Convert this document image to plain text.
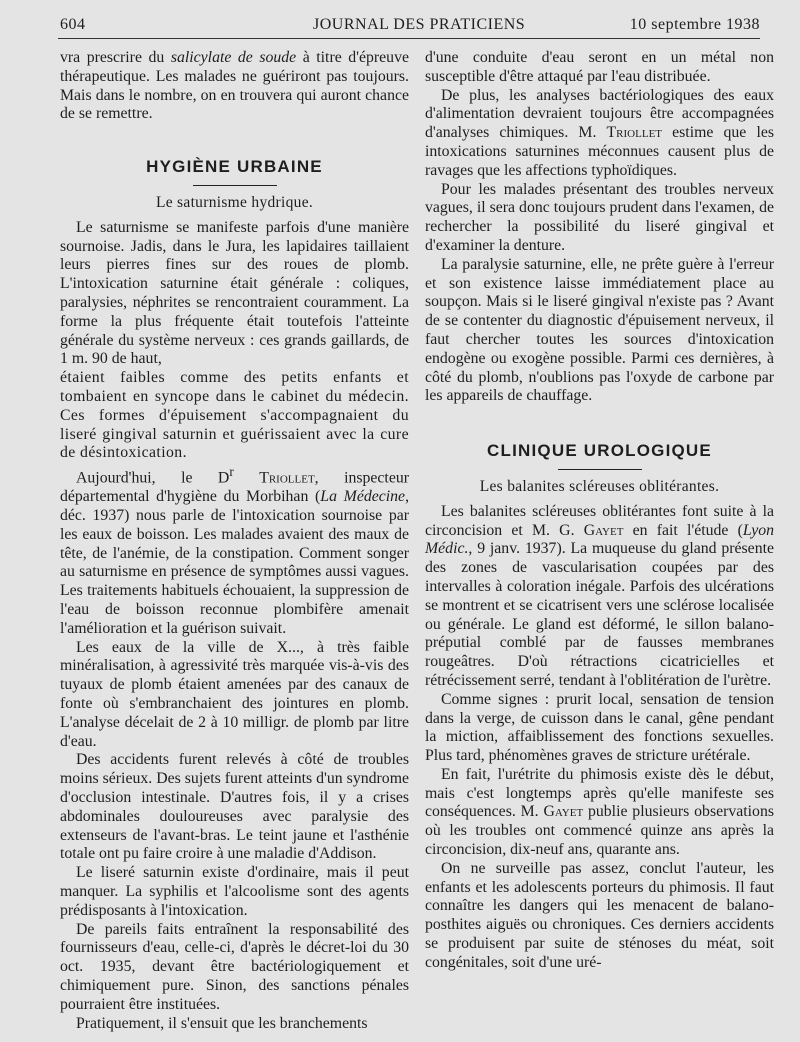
604	JOURNAL DES PRATICIENS	10 septembre 1938

vra prescrire du salicylate de soude à titre d'épreuve thérapeutique. Les malades ne guériront pas toujours. Mais dans le nombre, on en trouvera qui auront chance de se remettre.

HYGIÈNE URBAINE
Le saturnisme hydrique.

Le saturnisme se manifeste parfois d'une manière sournoise. Jadis, dans le Jura, les lapidaires taillaient leurs pierres fines sur des roues de plomb. L'intoxication saturnine était générale : coliques, paralysies, néphrites se rencontraient couramment. La forme la plus fréquente était toutefois l'atteinte générale du système nerveux : ces grands gaillards, de 1 m. 90 de haut,

étaient faibles comme des petits enfants et tombaient en syncope dans le cabinet du médecin. Ces formes d'épuisement s'accompagnaient du liseré gingival saturnin et guérissaient avec la cure de désintoxication.

Aujourd'hui, le $D^r$ Triollet, inspecteur départemental d'hygiène du Morbihan (La Médecine, déc. 1937) nous parle de l'intoxication sournoise par les eaux de boisson. Les malades avaient des maux de tête, de l'anémie, de la constipation. Comment songer au saturnisme en présence de symptômes aussi vagues. Les traitements habituels échouaient, la suppression de l'eau de boisson reconnue plombifère amenait l'amélioration et la guérison suivait.

Les eaux de la ville de X..., à très faible minéralisation, à agressivité très marquée vis-à-vis des tuyaux de plomb étaient amenées par des canaux de fonte où s'embranchaient des jointures en plomb. L'analyse décelait de 2 à 10 milligr. de plomb par litre d'eau.

Des accidents furent relevés à côté de troubles moins sérieux. Des sujets furent atteints d'un syndrome d'occlusion intestinale. D'autres fois, il y a crises abdominales douloureuses avec paralysie des extenseurs de l'avant-bras. Le teint jaune et l'asthénie totale ont pu faire croire à une maladie d'Addison.

Le liseré saturnin existe d'ordinaire, mais il peut manquer. La syphilis et l'alcoolisme sont des agents prédisposants à l'intoxication.

De pareils faits entraînent la responsabilité des fournisseurs d'eau, celle-ci, d'après le décret-loi du 30 oct. 1935, devant être bactériologiquement et chimiquement pure. Sinon, des sanctions pénales pourraient être instituées.

Pratiquement, il s'ensuit que les branchements

d'une conduite d'eau seront en un métal non susceptible d'être attaqué par l'eau distribuée.

De plus, les analyses bactériologiques des eaux d'alimentation devraient toujours être accompagnées d'analyses chimiques. M. Triollet estime que les intoxications saturnines méconnues causent plus de ravages que les affections typhoïdiques.

Pour les malades présentant des troubles nerveux vagues, il sera donc toujours prudent dans l'examen, de rechercher la possibilité du liseré gingival et d'examiner la denture.

La paralysie saturnine, elle, ne prête guère à l'erreur et son existence laisse immédiatement place au soupçon. Mais si le liseré gingival n'existe pas ? Avant de se contenter du diagnostic d'épuisement nerveux, il faut chercher toutes les sources d'intoxication endogène ou exogène possible. Parmi ces dernières, à côté du plomb, n'oublions pas l'oxyde de carbone par les appareils de chauffage.

CLINIQUE UROLOGIQUE
Les balanites scléreuses oblitérantes.

Les balanites scléreuses oblitérantes font suite à la circoncision et M. G. Gayet en fait l'étude (Lyon Médic., 9 janv. 1937). La muqueuse du gland présente des zones de vascularisation coupées par des intervalles à coloration inégale. Parfois des ulcérations se montrent et se cicatrisent vers une sclérose localisée ou générale. Le gland est déformé, le sillon balano-préputial comblé par de fausses membranes rougeâtres. D'où rétractions cicatricielles et rétrécissement serré, tendant à l'oblitération de l'urètre.

Comme signes : prurit local, sensation de tension dans la verge, de cuisson dans le canal, gêne pendant la miction, affaiblissement des fonctions sexuelles. Plus tard, phénomènes graves de stricture urétérale.

En fait, l'urétrite du phimosis existe dès le début, mais c'est longtemps après qu'elle manifeste ses conséquences. M. Gayet publie plusieurs observations où les troubles ont commencé quinze ans après la circoncision, dix-neuf ans, quarante ans.

On ne surveille pas assez, conclut l'auteur, les enfants et les adolescents porteurs du phimosis. Il faut connaître les dangers qui les menacent de balano-posthites aiguës ou chroniques. Ces derniers accidents se produisent par suite de sténoses du méat, soit congénitales, soit d'une uré-
